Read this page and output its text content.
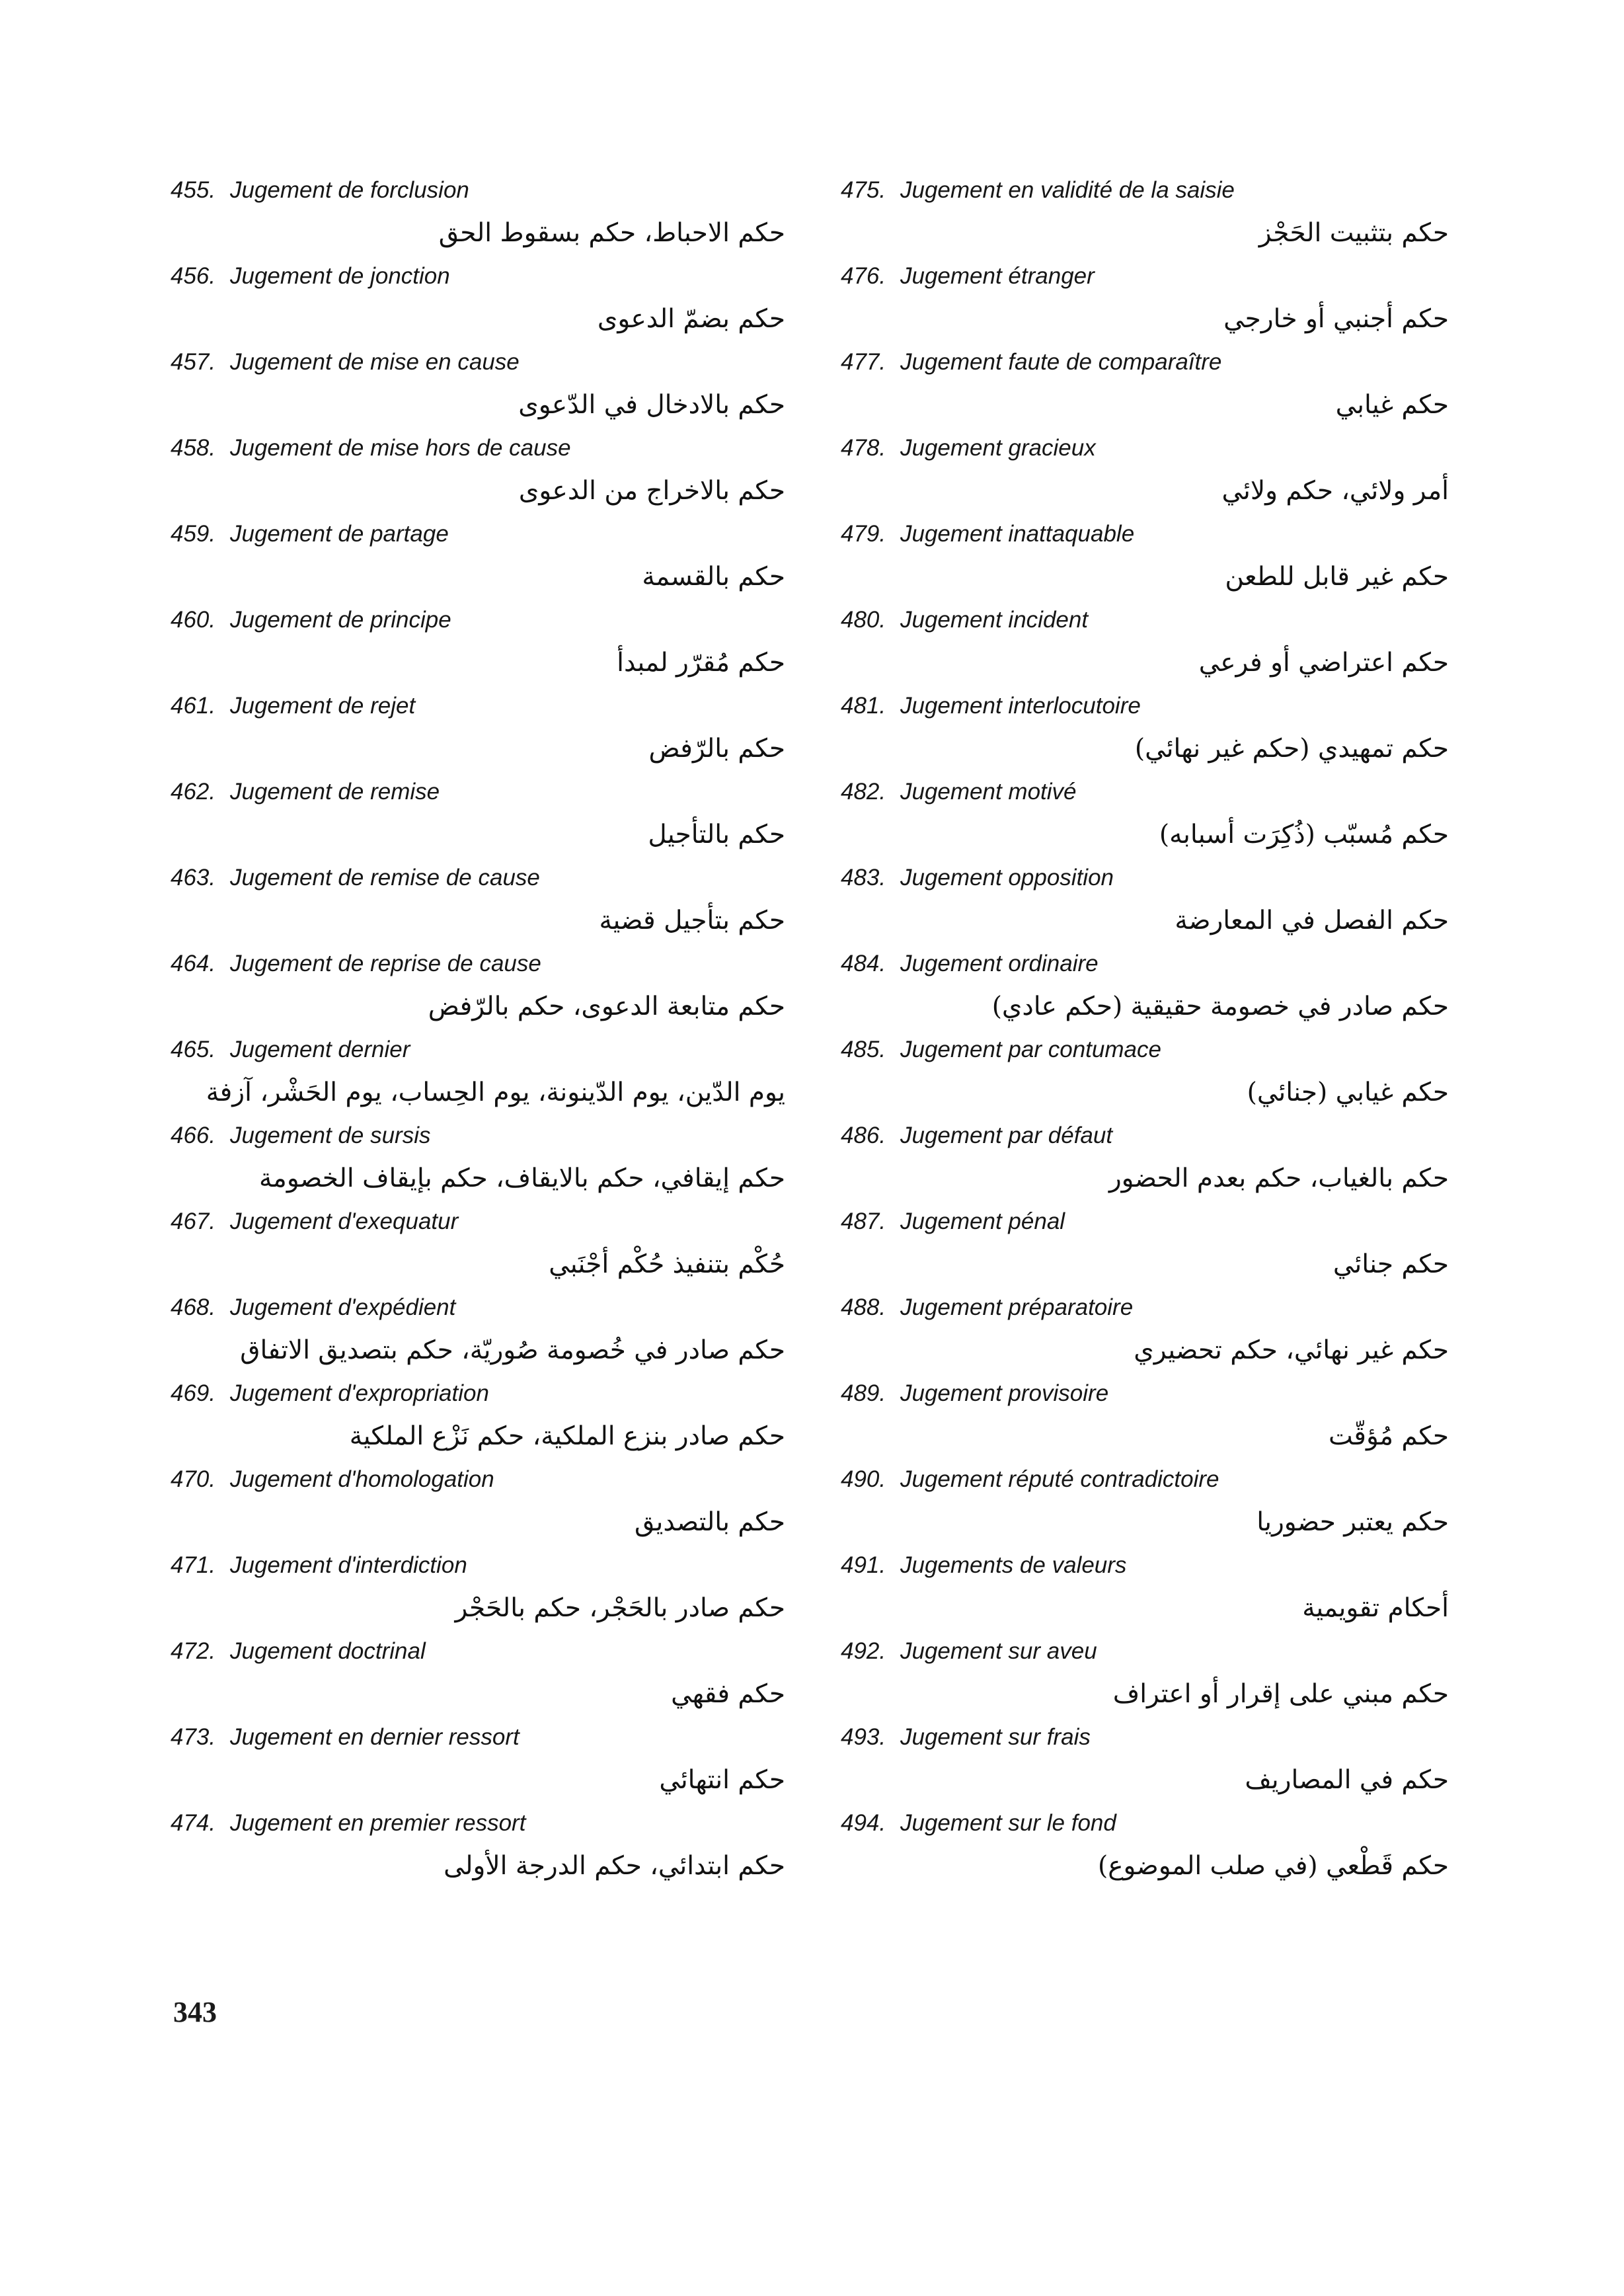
455. Jugement de forclusion
حكم الاحباط، حكم بسقوط الحق
456. Jugement de jonction
حكم بضمّ الدعوى
457. Jugement de mise en cause
حكم بالادخال في الدّعوى
458. Jugement de mise hors de cause
حكم بالاخراج من الدعوى
459. Jugement de partage
حكم بالقسمة
460. Jugement de principe
حكم مُقرّر لمبدأ
461. Jugement de rejet
حكم بالرّفض
462. Jugement de remise
حكم بالتأجيل
463. Jugement de remise de cause
حكم بتأجيل قضية
464. Jugement de reprise de cause
حكم متابعة الدعوى، حكم بالرّفض
465. Jugement dernier
يوم الدّين، يوم الدّينونة، يوم الحِساب، يوم الحَشْر، آزفة
466. Jugement de sursis
حكم إيقافي، حكم بالايقاف، حكم بإيقاف الخصومة
467. Jugement d'exequatur
حُكْم بتنفيذ حُكْم أجْنَبي
468. Jugement d'expédient
حكم صادر في خُصومة صُوريّة، حكم بتصديق الاتفاق
469. Jugement d'expropriation
حكم صادر بنزع الملكية، حكم نَزْع الملكية
470. Jugement d'homologation
حكم بالتصديق
471. Jugement d'interdiction
حكم صادر بالحَجْر، حكم بالحَجْر
472. Jugement doctrinal
حكم فقهي
473. Jugement en dernier ressort
حكم انتهائي
474. Jugement en premier ressort
حكم ابتدائي، حكم الدرجة الأولى
475. Jugement en validité de la saisie
حكم بتثبيت الحَجْز
476. Jugement étranger
حكم أجنبي أو خارجي
477. Jugement faute de comparaître
حكم غيابي
478. Jugement gracieux
أمر ولائي، حكم ولائي
479. Jugement inattaquable
حكم غير قابل للطعن
480. Jugement incident
حكم اعتراضي أو فرعي
481. Jugement interlocutoire
حكم تمهيدي (حكم غير نهائي)
482. Jugement motivé
حكم مُسبّب (ذُكِرَت أسبابه)
483. Jugement opposition
حكم الفصل في المعارضة
484. Jugement ordinaire
حكم صادر في خصومة حقيقية (حكم عادي)
485. Jugement par contumace
حكم غيابي (جنائي)
486. Jugement par défaut
حكم بالغياب، حكم بعدم الحضور
487. Jugement pénal
حكم جنائي
488. Jugement préparatoire
حكم غير نهائي، حكم تحضيري
489. Jugement provisoire
حكم مُؤقّت
490. Jugement réputé contradictoire
حكم يعتبر حضوريا
491. Jugements de valeurs
أحكام تقويمية
492. Jugement sur aveu
حكم مبني على إقرار أو اعتراف
493. Jugement sur frais
حكم في المصاريف
494. Jugement sur le fond
حكم قَطْعي (في صلب الموضوع)
343
